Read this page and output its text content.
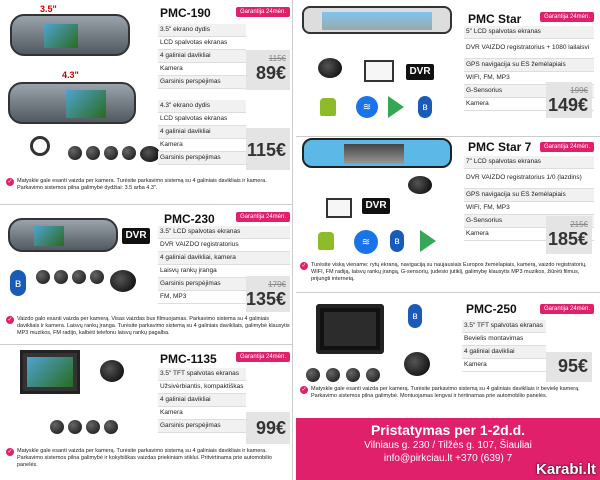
3.5"
4.3"
PMC-190	Garantija 24mėn.
3.5" ekrano dydis
LCD spalvotas ekranas
4 galiniai davikliai
Kamera
Garsinis perspėjimas
115€
89€
4.3" ekrano dydis
LCD spalvotas ekranas
4 galiniai davikliai
Kamera
Garsinis perspėjimas	115€
✓ Matyskle gale esanti vaizda per kamera. Turėsite parkavimo sistemą su 4 galiniais davikliais ir kamera. Parkavimo sistemos pilna galimybė dydžiai: 3.5 arba 4.3".
DVR
ʙ
PMC-230	Garantija 24mėn.
3.5" LCD spalvotas ekranas
DVR VAIZDO registratorius
4 galiniai davikliai, kamera
Laisvų rankų įranga
Garsinis perspėjimas
FM, MP3
179€
135€
✓ Vaizdo galo esanti vaizda per kamerą. Visas vaizdas bus filmuojamas. Parkavimo sistema su 4 galiniais davikliais ir kamera. Laisvų rankų įranga. Turėsite parkavimo sistemą su 4 galiniais davikliais, galimybė klausytis MP3 muzikos, FM radijo, kalbėti telefonu laisvų rankų pagalba.
PMC-1135	Garantija 24mėn.
3.5" TFT spalvotas ekranas
Užsivėrbiantis, kompaktiškas
4 galiniai davikliai
Kamera
Garsinis perspėjimas	99€
✓ Matyskle gale esanti vaizda per kamerą. Turėsite parkavimo sistemą su 4 galiniais davikliais ir kamera. Parkavimo sistemos pilna galimybė ir kokybiškas vaizdas priekiniam stiklui. Pritvirtinama prie automobilio panelės.
DVR
≋	ʙ
PMC Star	Garantija 24mėn.
5" LCD spalvotas ekranas
DVR VAIZDO registratorius + 1080 lailaisvi
GPS navigacija su ES žemėlapiais
WIFI, FM, MP3
G-Sensorius
Kamera
199€
149€
DVR
≋	ʙ
PMC Star 7	Garantija 24mėn.
7" LCD spalvotas ekranas
DVR VAIZDO registratorius 1/0 (lazdins)
GPS navigacija su ES žemėlapiais
WIFI, FM, MP3
G-Sensorius
Kamera
215€
185€
✓ Turėsite viską viename: rytų ekraną, navigaciją su naujausiais Europos žemėlapiais, kamerą, vaizdo registratorių, WIFI, FM radiją, laisvų rankų įrangą, G-sensorių, judesio jutiklį, galimybę klausytis MP3 muzikos, žiūrėti filmus, prijungti internetą.
ʙ	PMC-250	Garantija 24mėn.
3.5" TFT spalvotas ekranas
Bevielis montavimas
4 galiniai davikliai
Kamera	95€
✓ Matyskle gale esanti vaizda per kamerą. Turėsite parkavimo sistemą su 4 galiniais davikliais ir bevielę kamerą. Parkavimo sistemos pilna galimybė. Montuojamas lengvai ir tvirtinamas prie automobilio panelės.
Pristatymas per 1-2d.d.
Vilniaus g. 230 / Tilžės g. 107, Šiauliai
info@pirkciau.lt +370 (639) 7
Karabi.lt
